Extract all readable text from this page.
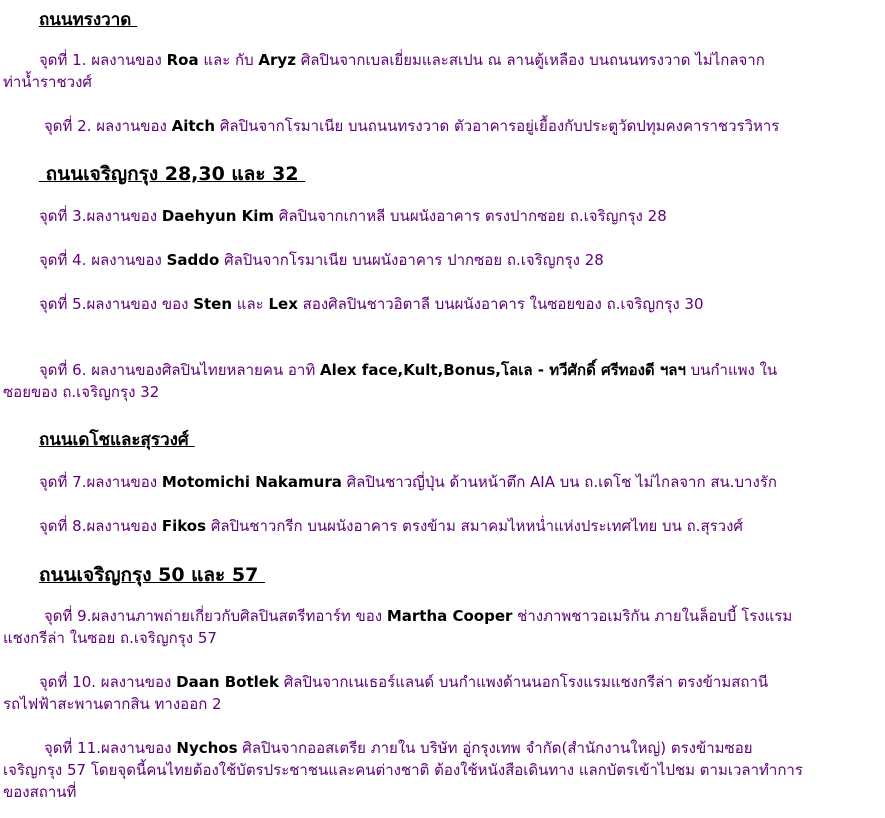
ถนนทรงวาด
จุดที่ 1. ผลงานของ Roa และ กับ Aryz ศิลปินจากเบลเยี่ยมและสเปน ณ ลานตู้เหลือง บนถนนทรงวาด ไม่ไกลจาก
ท่าน้ำราชวงศ์
จุดที่ 2. ผลงานของ Aitch ศิลปินจากโรมาเนีย บนถนนทรงวาด ตัวอาคารอยู่เยื้องกับประตูวัดปทุมคงคาราชวรวิหาร
ถนนเจริญกรุง 28,30 และ 32
จุดที่ 3.ผลงานของ Daehyun Kim ศิลปินจากเกาหลี บนผนังอาคาร ตรงปากซอย ถ.เจริญกรุง 28
จุดที่ 4. ผลงานของ Saddo ศิลปินจากโรมาเนีย บนผนังอาคาร ปากซอย ถ.เจริญกรุง 28
จุดที่ 5.ผลงานของ ของ Sten และ Lex สองศิลปินชาวอิตาลี บนผนังอาคาร ในซอยของ ถ.เจริญกรุง 30
จุดที่ 6. ผลงานของศิลปินไทยหลายคน อาทิ Alex face,Kult,Bonus,โลเล - ทวีศักดิ์ ศรีทองดี ฯลฯ บนกำแพง ใน
ซอยของ ถ.เจริญกรุง 32
ถนนเดโชและสุรวงศ์
จุดที่ 7.ผลงานของ Motomichi Nakamura ศิลปินชาวญี่ปุ่น ด้านหน้าตึก AIA บน ถ.เดโช ไม่ไกลจาก สน.บางรัก
จุดที่ 8.ผลงานของ Fikos ศิลปินชาวกรีก บนผนังอาคาร ตรงข้าม สมาคมไหหน่ำแห่งประเทศไทย บน ถ.สุรวงศ์
ถนนเจริญกรุง 50 และ 57
จุดที่ 9.ผลงานภาพถ่ายเกี่ยวกับศิลปินสตรีทอาร์ท ของ Martha Cooper ช่างภาพชาวอเมริกัน ภายในล็อบบี้ โรงแรม
แชงกรีล่า ในซอย ถ.เจริญกรุง 57
จุดที่ 10. ผลงานของ Daan Botlek ศิลปินจากเนเธอร์แลนด์ บนกำแพงด้านนอกโรงแรมแชงกรีล่า ตรงข้ามสถานี
รถไฟฟ้าสะพานตากสิน ทางออก 2
จุดที่ 11.ผลงานของ Nychos ศิลปินจากออสเตรีย ภายใน บริษัท อู่กรุงเทพ จำกัด(สำนักงานใหญ่) ตรงข้ามซอย
เจริญกรุง 57 โดยจุดนี้คนไทยต้องใช้บัตรประชาชนและคนต่างชาติ ต้องใช้หนังสือเดินทาง แลกบัตรเข้าไปชม ตามเวลาทำการ
ของสถานที่
